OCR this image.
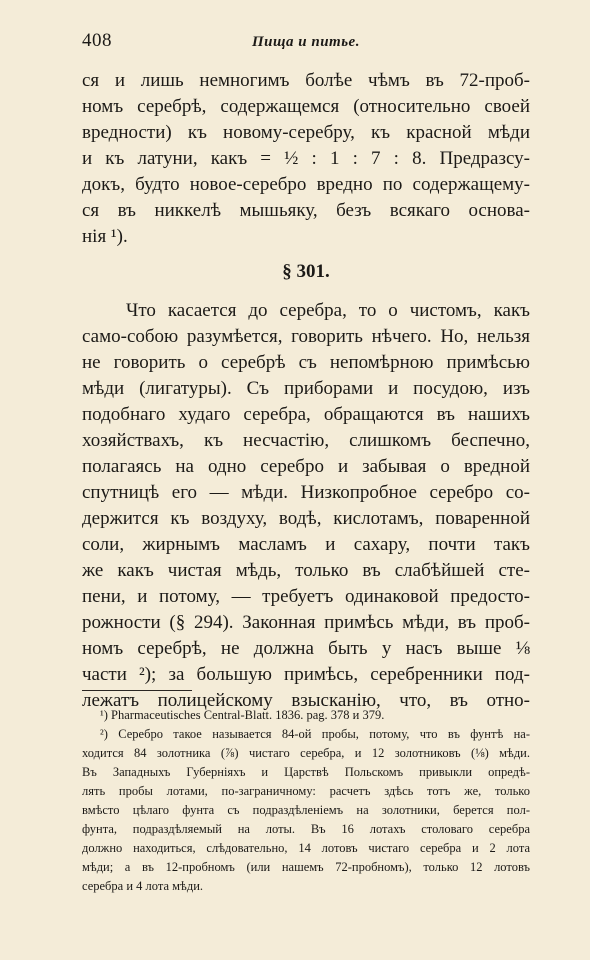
408	Пища и питье.
ся и лишь немногимъ болѣе чѣмъ въ 72-проб-
номъ серебрѣ, содержащемся (относительно своей
вредности) къ новому-серебру, къ красной мѣди
и къ латуни, какъ = ½ : 1 : 7 : 8. Предразсу-
докъ, будто новое-серебро вредно по содержащему-
ся въ никкелѣ мышьяку, безъ всякаго основа-
нія ¹).
§ 301.
Что касается до серебра, то о чистомъ, какъ
само-собою разумѣется, говорить нѣчего. Но, нельзя
не говорить о серебрѣ съ непомѣрною примѣсью
мѣди (лигатуры). Съ приборами и посудою, изъ
подобнаго худаго серебра, обращаются въ нашихъ
хозяйствахъ, къ несчастію, слишкомъ беспечно,
полагаясь на одно серебро и забывая о вредной
спутницѣ его — мѣди. Низкопробное серебро со-
держится къ воздуху, водѣ, кислотамъ, поваренной
соли, жирнымъ масламъ и сахару, почти такъ
же какъ чистая мѣдь, только въ слабѣйшей сте-
пени, и потому, — требуетъ одинаковой предосто-
рожности (§ 294). Законная примѣсь мѣди, въ проб-
номъ серебрѣ, не должна быть у насъ выше ⅛
части ²); за большую примѣсь, серебренники под-
лежатъ полицейскому взысканію, что, въ отно-
¹) Pharmaceutisches Central-Blatt. 1836. pag. 378 и 379.
²) Серебро такое называется 84-ой пробы, потому, что въ фунтѣ на-
ходится 84 золотника (⅞) чистаго серебра, и 12 золотниковъ (⅛) мѣди.
Въ Западныхъ Губерніяхъ и Царствѣ Польскомъ привыкли опредѣ-
лять пробы лотами, по-заграничному: расчетъ здѣсь тотъ же, только
вмѣсто цѣлаго фунта съ подраздѣленіемъ на золотники, берется пол-
фунта, подраздѣляемый на лоты. Въ 16 лотахъ столоваго серебра
должно находиться, слѣдовательно, 14 лотовъ чистаго серебра и 2 лота
мѣди; а въ 12-пробномъ (или нашемъ 72-пробномъ), только 12 лотовъ
серебра и 4 лота мѣди.
